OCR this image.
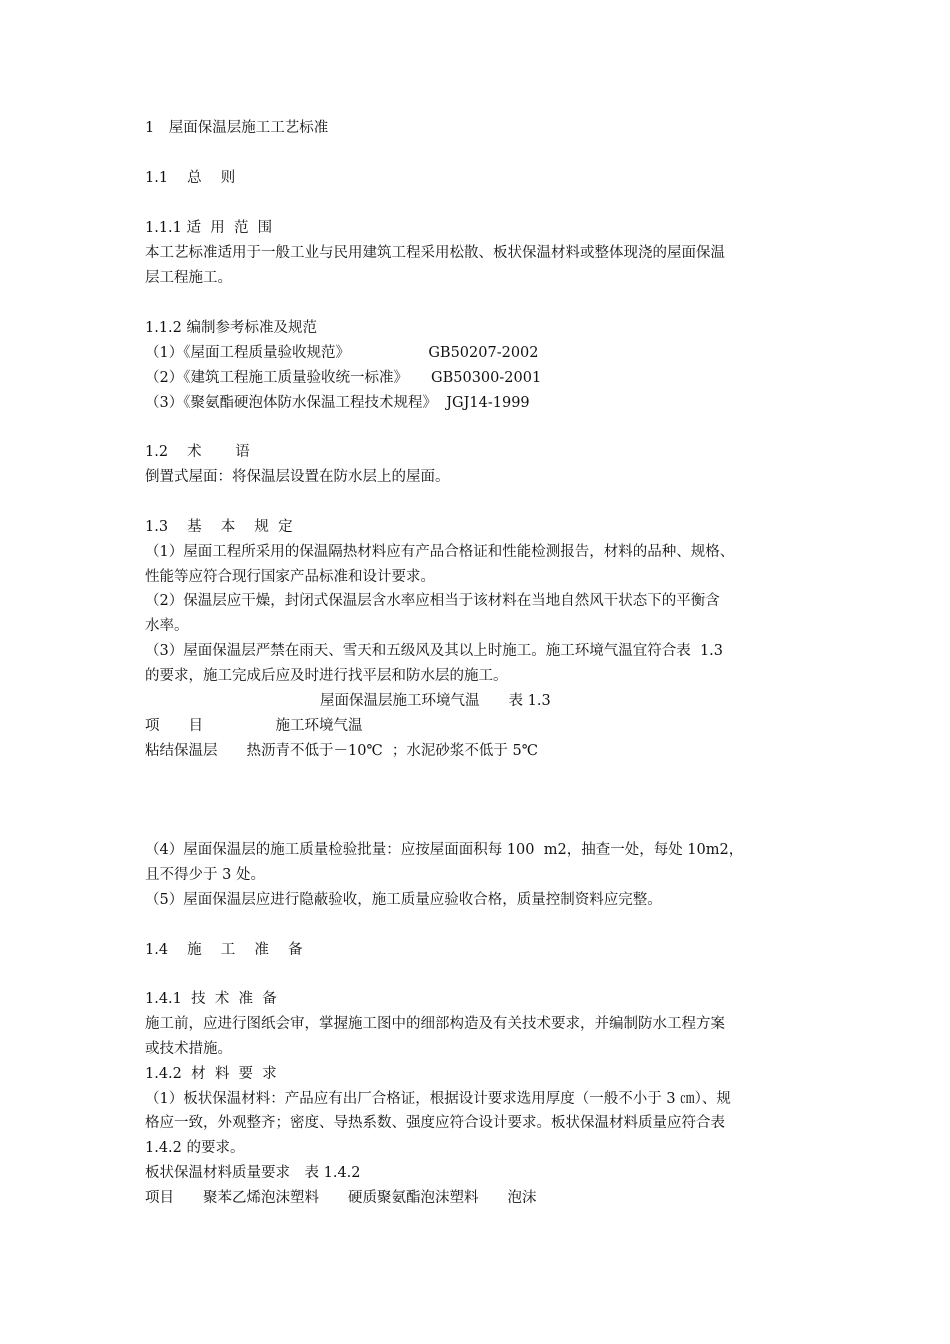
1　屋面保温层施工工艺标准
1.1　 总　 则
1.1.1 适  用  范  围
本工艺标准适用于一般工业与民用建筑工程采用松散、板状保温材料或整体现浇的屋面保温
层工程施工。
1.1.2 编制参考标准及规范
（1）《屋面工程质量验收规范》                 GB50207-2002
（2）《建筑工程施工质量验收统一标准》     GB50300-2001
（3）《聚氨酯硬泡体防水保温工程技术规程》  JGJ14-1999
1.2　 术　　 语
倒置式屋面：将保温层设置在防水层上的屋面。
1.3　 基　 本　 规  定
（1）屋面工程所采用的保温隔热材料应有产品合格证和性能检测报告，材料的品种、规格、
性能等应符合现行国家产品标准和设计要求。
（2）保温层应干燥，封闭式保温层含水率应相当于该材料在当地自然风干状态下的平衡含
水率。
（3）屋面保温层严禁在雨天、雪天和五级风及其以上时施工。施工环境气温宜符合表  1.3
的要求，施工完成后应及时进行找平层和防水层的施工。
屋面保温层施工环境气温　　表 1.3
项　　目　　　　　施工环境气温
粘结保温层　　热沥青不低于－10℃  ；水泥砂浆不低于 5℃
（4）屋面保温层的施工质量检验批量：应按屋面面积每 100  m2，抽查一处，每处 10m2，
且不得少于 3 处。
（5）屋面保温层应进行隐蔽验收，施工质量应验收合格，质量控制资料应完整。
1.4　 施　 工　 准　 备
1.4.1  技  术  准  备
施工前，应进行图纸会审，掌握施工图中的细部构造及有关技术要求，并编制防水工程方案
或技术措施。
1.4.2  材  料  要  求
（1）板状保温材料：产品应有出厂合格证，根据设计要求选用厚度（一般不小于 3 ㎝）、规
格应一致，外观整齐；密度、导热系数、强度应符合设计要求。板状保温材料质量应符合表
1.4.2 的要求。
板状保温材料质量要求　表 1.4.2
项目　　聚苯乙烯泡沫塑料　　硬质聚氨酯泡沫塑料　　泡沫
